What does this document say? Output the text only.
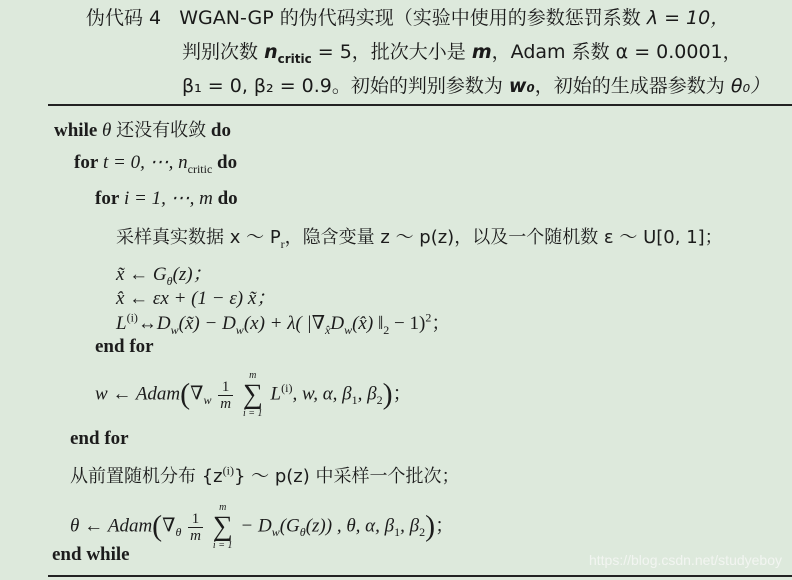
伪代码 4 WGAN-GP 的伪代码实现（实验中使用的参数惩罚系数 λ = 10，
判别次数 $n_{critic} = 5$，批次大小是 m，Adam 系数 α = 0.0001，
β₁ = 0, β₂ = 0.9。初始的判别参数为 w₀，初始的生成器参数为 θ₀）
while θ 还没有收敛 do
for t = 0, ⋯, $n_{critic}$ do
for i = 1, ⋯, m do
采样真实数据 x ～ $P_r$，隐含变量 z ～ p(z)，以及一个随机数 ε ～ U[0, 1]；
x̃ ← $G_\theta(z)$；
x̂ ← εx + (1 − ε) x̃；
$L^{(i)}\leftrightarrow D_w(x̃) - D_w(x) + \lambda$( $|\nabla_{x̂}D_w(x̂)$ $‖_2 - 1)^2$；
end for
w ← $Adam(\nabla_w \frac{1}{m}$

m
∑
i = 1
$L^{(i)}$, w, α, $\beta_1$, $\beta_2$)；
end for
从前置随机分布 $\{z^{(i)}\}$ ～ p(z) 中采样一个批次；
θ ← $Adam(\nabla_\theta \frac{1}{m}$

m
∑
i = 1
− $D_w(G_\theta(z))$ , θ, α, $\beta_1$, $\beta_2$)；
end while	https://blog.csdn.net/studyeboy
